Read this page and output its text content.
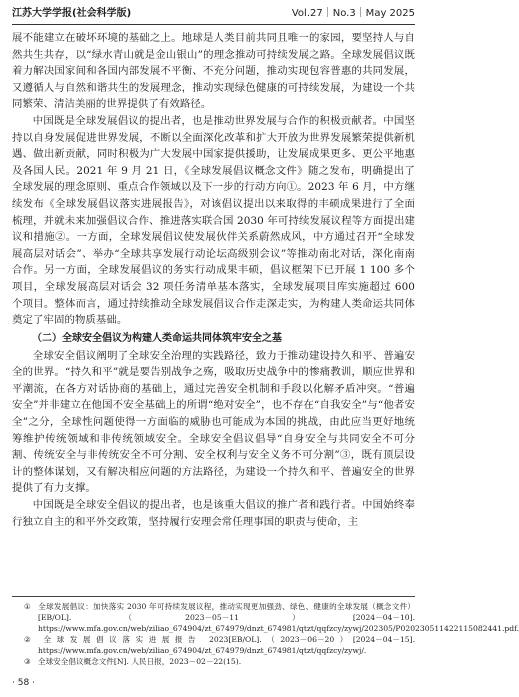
江苏大学学报(社会科学版)	Vol.27｜No.3｜May 2025

展不能建立在破坏环境的基础之上。地球是人类目前共同且唯一的家园，要坚持人与自然共生共存，以“绿水青山就是金山银山”的理念推动可持续发展之路。全球发展倡议既着力解决国家间和各国内部发展不平衡、不充分问题，推动实现包容普惠的共同发展，又遵循人与自然和谐共生的发展理念，推动实现绿色健康的可持续发展，为建设一个共同繁荣、清洁美丽的世界提供了有效路径。

中国既是全球发展倡议的提出者，也是推动世界发展与合作的积极贡献者。中国坚持以自身发展促进世界发展，不断以全面深化改革和扩大开放为世界发展繁荣提供新机遇、做出新贡献，同时积极为广大发展中国家提供援助，让发展成果更多、更公平地惠及各国人民。2021 年 9 月 21 日，《全球发展倡议概念文件》随之发布，明确提出了全球发展的理念原则、重点合作领域以及下一步的行动方向①。2023 年 6 月，中方继续发布《全球发展倡议落实进展报告》，对该倡议提出以来取得的丰硕成果进行了全面梳理，并就未来加强倡议合作、推进落实联合国 2030 年可持续发展议程等方面提出建议和措施②。一方面，全球发展倡议使发展伙伴关系蔚然成风，中方通过召开“全球发展高层对话会”、举办“全球共享发展行动论坛高级别会议”等推动南北对话，深化南南合作。另一方面，全球发展倡议的务实行动成果丰硕，倡议框架下已开展 1 100 多个项目，全球发展高层对话会 32 项任务清单基本落实，全球发展项目库实施超过 600 个项目。整体而言，通过持续推动全球发展倡议合作走深走实，为构建人类命运共同体奠定了牢固的物质基础。

（二）全球安全倡议为构建人类命运共同体筑牢安全之基

全球安全倡议阐明了全球安全治理的实践路径，致力于推动建设持久和平、普遍安全的世界。“持久和平”就是要告别战争之殇，吸取历史战争中的惨痛教训，顺应世界和平潮流，在各方对话协商的基础上，通过完善安全机制和手段以化解矛盾冲突。“普遍安全”并非建立在他国不安全基础上的所谓“绝对安全”，也不存在“自我安全”与“他者安全”之分，全球性问题使得一方面临的威胁也可能成为本国的挑战，由此应当更好地统筹维护传统领域和非传统领域安全。全球安全倡议倡导“自身安全与共同安全不可分割、传统安全与非传统安全不可分割、安全权利与安全义务不可分割”③，既有顶层设计的整体谋划，又有解决相应问题的方法路径，为建设一个持久和平、普遍安全的世界提供了有力支撑。

中国既是全球安全倡议的提出者，也是该重大倡议的推广者和践行者。中国始终奉行独立自主的和平外交政策，坚持履行安理会常任理事国的职责与使命，主

① 全球发展倡议：加快落实 2030 年可持续发展议程，推动实现更加强劲、绿色、健康的全球发展（概念文件）[EB/OL].（2023－05－11）[2024－04－10]. https://www.mfa.gov.cn/web/ziliao_674904/zt_674979/dnzt_674981/qtzt/qqfzcy/zywj/202305/P020230511422115082441.pdf.

② 全球发展倡议落实进展报告 2023[EB/OL].（2023－06－20）[2024－04－15]. https://www.mfa.gov.cn/web/ziliao_674904/zt_674979/dnzt_674981/qtzt/qqfzcy/zywj/.

③ 全球安全倡议概念文件[N]. 人民日报，2023－02－22(15).

· 58 ·
